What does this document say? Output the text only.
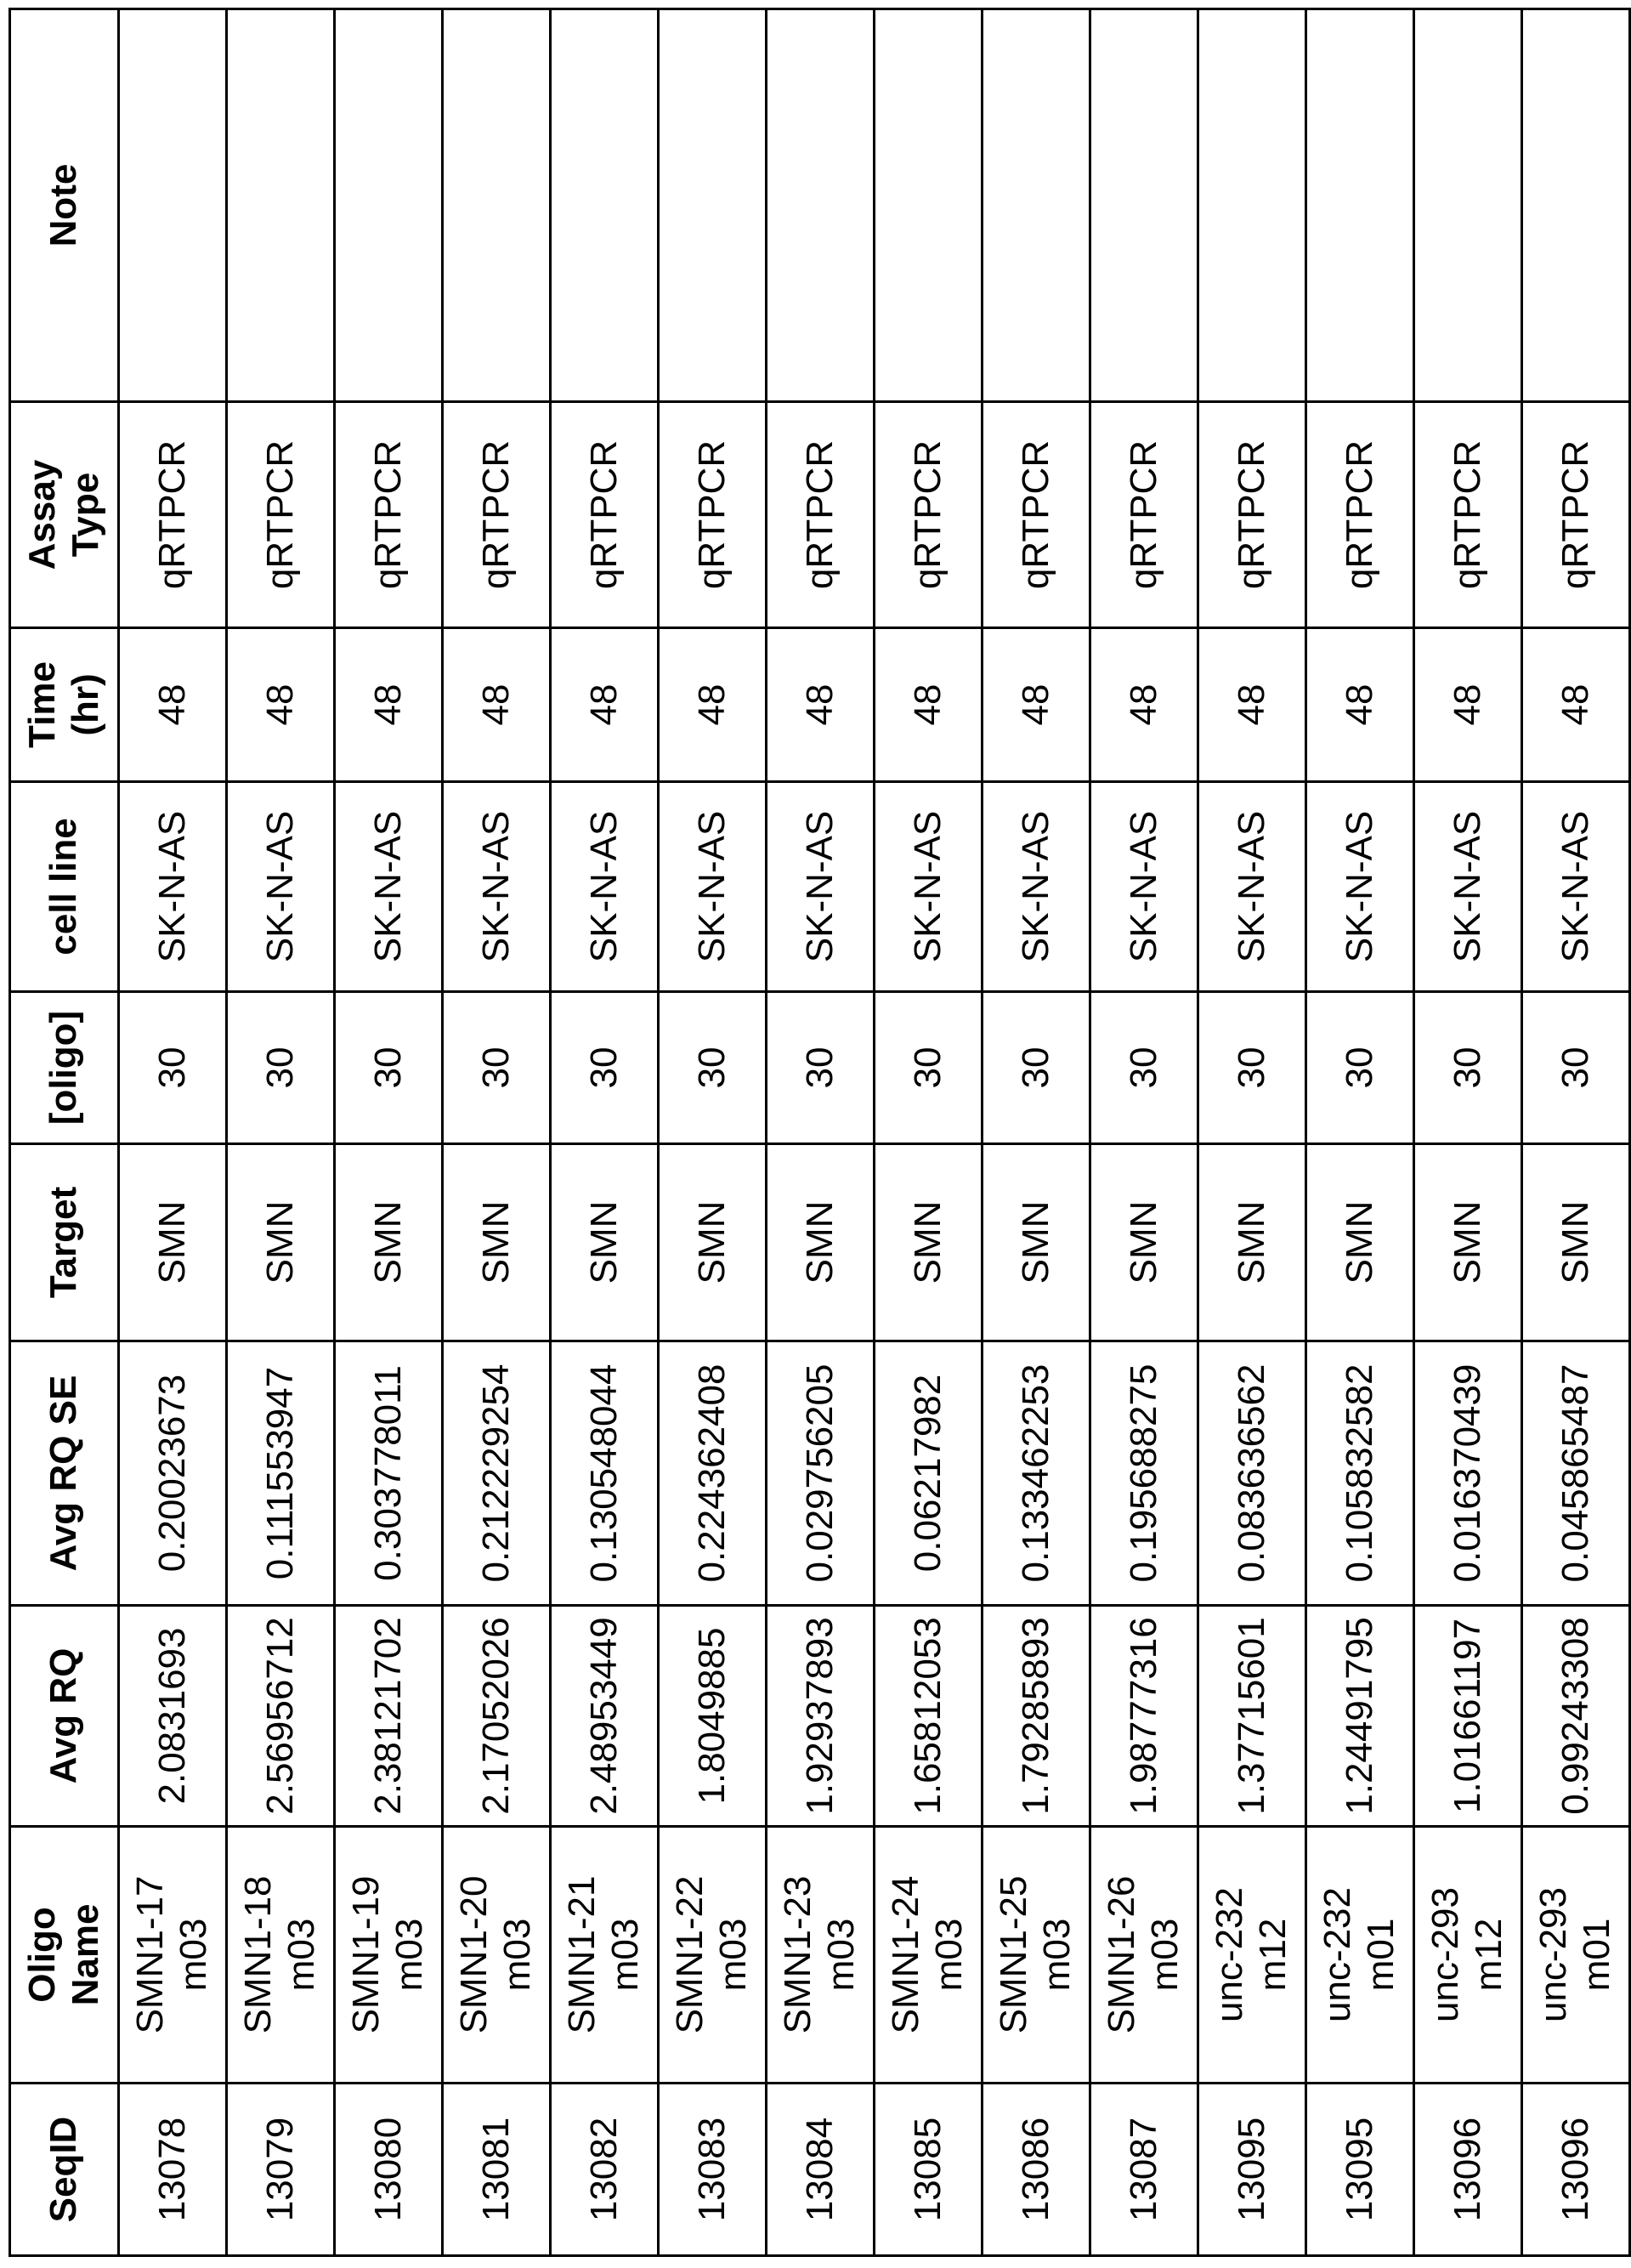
SeqID	Oligo Name	Avg RQ	Avg RQ SE	Target	[oligo]	cell line	Time (hr)	Assay Type	Note
13078	SMN1-17 m03	2.0831693	0.20023673	SMN	30	SK-N-AS	48	qRTPCR	
13079	SMN1-18 m03	2.56956712	0.111553947	SMN	30	SK-N-AS	48	qRTPCR	
13080	SMN1-19 m03	2.38121702	0.303778011	SMN	30	SK-N-AS	48	qRTPCR	
13081	SMN1-20 m03	2.17052026	0.212229254	SMN	30	SK-N-AS	48	qRTPCR	
13082	SMN1-21 m03	2.48953449	0.130548044	SMN	30	SK-N-AS	48	qRTPCR	
13083	SMN1-22 m03	1.8049885	0.224362408	SMN	30	SK-N-AS	48	qRTPCR	
13084	SMN1-23 m03	1.92937893	0.029756205	SMN	30	SK-N-AS	48	qRTPCR	
13085	SMN1-24 m03	1.65812053	0.06217982	SMN	30	SK-N-AS	48	qRTPCR	
13086	SMN1-25 m03	1.79285893	0.133462253	SMN	30	SK-N-AS	48	qRTPCR	
13087	SMN1-26 m03	1.98777316	0.195688275	SMN	30	SK-N-AS	48	qRTPCR	
13095	unc-232 m12	1.37715601	0.083636562	SMN	30	SK-N-AS	48	qRTPCR	
13095	unc-232 m01	1.24491795	0.105832582	SMN	30	SK-N-AS	48	qRTPCR	
13096	unc-293 m12	1.01661197	0.016370439	SMN	30	SK-N-AS	48	qRTPCR	
13096	unc-293 m01	0.99243308	0.045865487	SMN	30	SK-N-AS	48	qRTPCR	
